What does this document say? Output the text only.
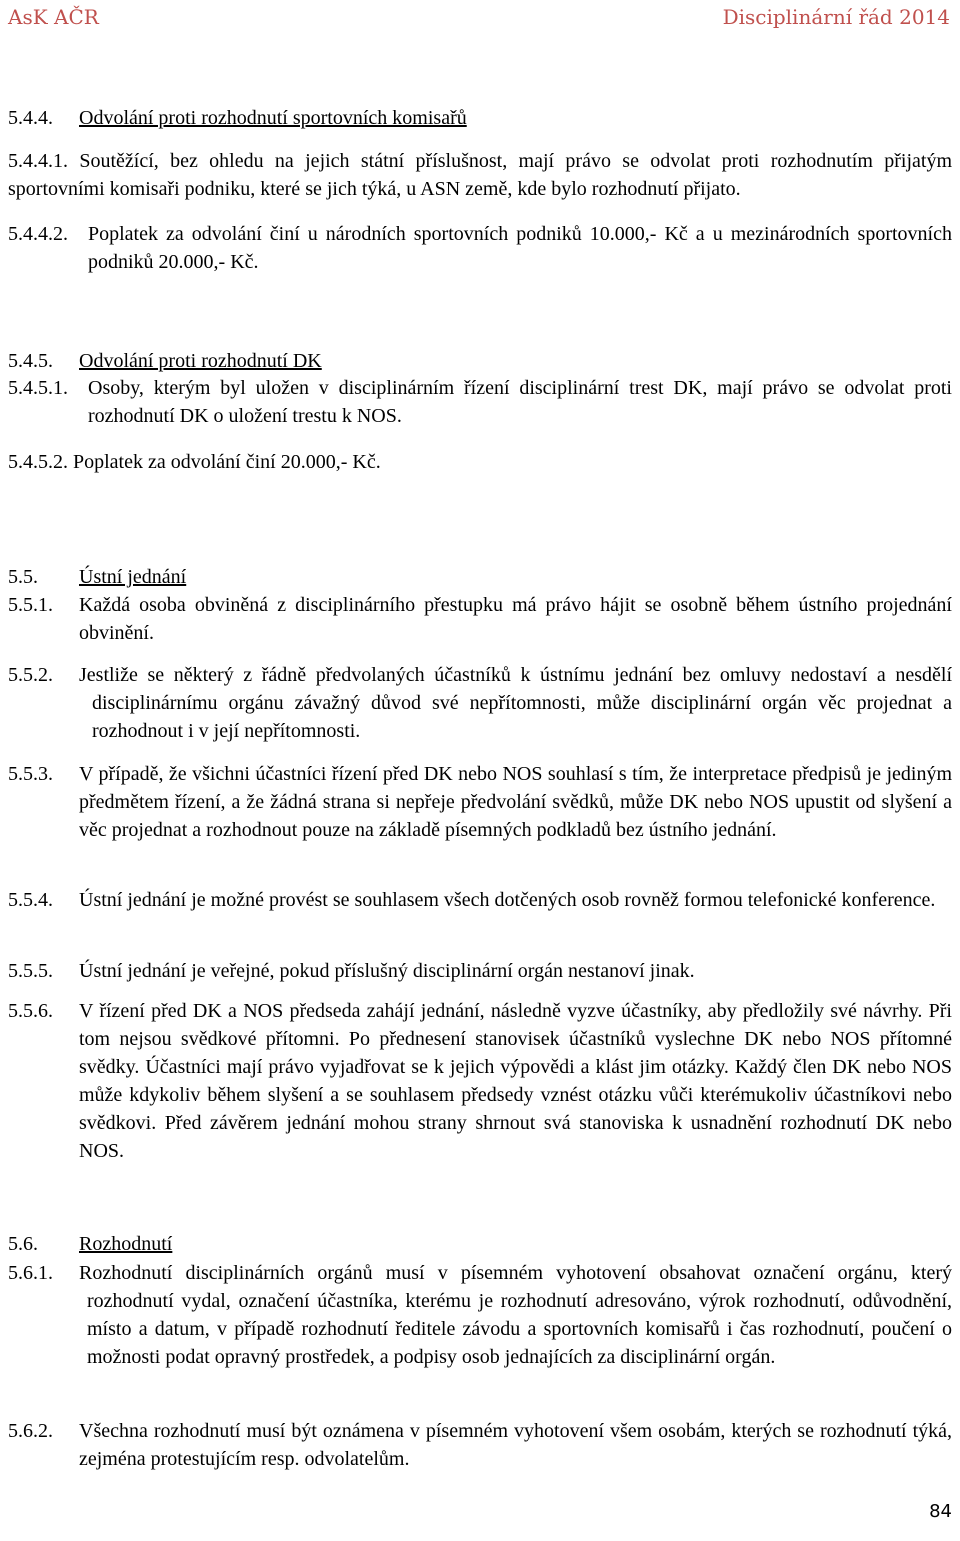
AsK AČR	Disciplinární řád 2014
5.4.4. Odvolání proti rozhodnutí sportovních komisařů
5.4.4.1. Soutěžící, bez ohledu na jejich státní příslušnost, mají právo se odvolat proti rozhodnutím přijatým sportovními komisaři podniku, které se jich týká, u ASN země, kde bylo rozhodnutí přijato.
5.4.4.2. Poplatek za odvolání činí u národních sportovních podniků 10.000,- Kč a u mezinárodních sportovních podniků 20.000,- Kč.
5.4.5. Odvolání proti rozhodnutí DK
5.4.5.1. Osoby, kterým byl uložen v disciplinárním řízení disciplinární trest DK, mají právo se odvolat proti rozhodnutí DK o uložení trestu k NOS.
5.4.5.2. Poplatek za odvolání činí 20.000,- Kč.
5.5. Ústní jednání
5.5.1. Každá osoba obviněná z disciplinárního přestupku má právo hájit se osobně během ústního projednání obvinění.
5.5.2. Jestliže se některý z řádně předvolaných účastníků k ústnímu jednání bez omluvy nedostaví a nesdělí disciplinárnímu orgánu závažný důvod své nepřítomnosti, může disciplinární orgán věc projednat a rozhodnout i v její nepřítomnosti.
5.5.3. V případě, že všichni účastníci řízení před DK nebo NOS souhlasí s tím, že interpretace předpisů je jediným předmětem řízení, a že žádná strana si nepřeje předvolání svědků, může DK nebo NOS upustit od slyšení a věc projednat a rozhodnout pouze na základě písemných podkladů bez ústního jednání.
5.5.4. Ústní jednání je možné provést se souhlasem všech dotčených osob rovněž formou telefonické konference.
5.5.5. Ústní jednání je veřejné, pokud příslušný disciplinární orgán nestanoví jinak.
5.5.6. V řízení před DK a NOS předseda zahájí jednání, následně vyzve účastníky, aby předložily své návrhy. Při tom nejsou svědkové přítomni. Po přednesení stanovisek účastníků vyslechne DK nebo NOS přítomné svědky. Účastníci mají právo vyjadřovat se k jejich výpovědi a klást jim otázky. Každý člen DK nebo NOS může kdykoliv během slyšení a se souhlasem předsedy vznést otázku vůči kterémukoliv účastníkovi nebo svědkovi. Před závěrem jednání mohou strany shrnout svá stanoviska k usnadnění rozhodnutí DK nebo NOS.
5.6. Rozhodnutí
5.6.1. Rozhodnutí disciplinárních orgánů musí v písemném vyhotovení obsahovat označení orgánu, který rozhodnutí vydal, označení účastníka, kterému je rozhodnutí adresováno, výrok rozhodnutí, odůvodnění, místo a datum, v případě rozhodnutí ředitele závodu a sportovních komisařů i čas rozhodnutí, poučení o možnosti podat opravný prostředek, a podpisy osob jednajících za disciplinární orgán.
5.6.2. Všechna rozhodnutí musí být oznámena v písemném vyhotovení všem osobám, kterých se rozhodnutí týká, zejména protestujícím resp. odvolatelům.
84
